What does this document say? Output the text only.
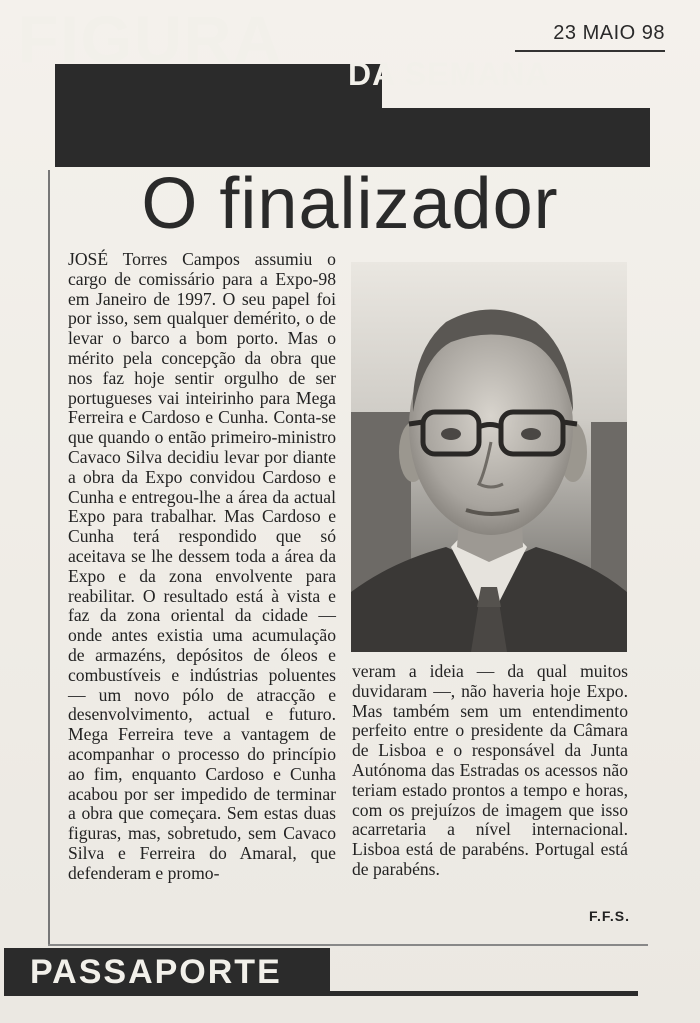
23 MAIO 98
FIGURA DA SEMANA
O finalizador

JOSÉ Torres Campos assumiu o cargo de comissário para a Expo-98 em Janeiro de 1997. O seu papel foi por isso, sem qualquer demérito, o de levar o barco a bom porto. Mas o mérito pela concepção da obra que nos faz hoje sentir orgulho de ser portugueses vai inteirinho para Mega Ferreira e Cardoso e Cunha. Conta-se que quando o então primeiro-ministro Cavaco Silva decidiu levar por diante a obra da Expo convidou Cardoso e Cunha e entregou-lhe a área da actual Expo para trabalhar. Mas Cardoso e Cunha terá respondido que só aceitava se lhe dessem toda a área da Expo e da zona envolvente para reabilitar. O resultado está à vista e faz da zona oriental da cidade — onde antes existia uma acumulação de armazéns, depósitos de óleos e combustíveis e indústrias poluentes — um novo pólo de atracção e desenvolvimento, actual e futuro. Mega Ferreira teve a vantagem de acompanhar o processo do princípio ao fim, enquanto Cardoso e Cunha acabou por ser impedido de terminar a obra que começara. Sem estas duas figuras, mas, sobretudo, sem Cavaco Silva e Ferreira do Amaral, que defenderam e promo-

veram a ideia — da qual muitos duvidaram —, não haveria hoje Expo. Mas também sem um entendimento perfeito entre o presidente da Câmara de Lisboa e o responsável da Junta Autónoma das Estradas os acessos não teriam estado prontos a tempo e horas, com os prejuízos de imagem que isso acarretaria a nível internacional. Lisboa está de parabéns. Portugal está de parabéns.

F.F.S.
PASSAPORTE
